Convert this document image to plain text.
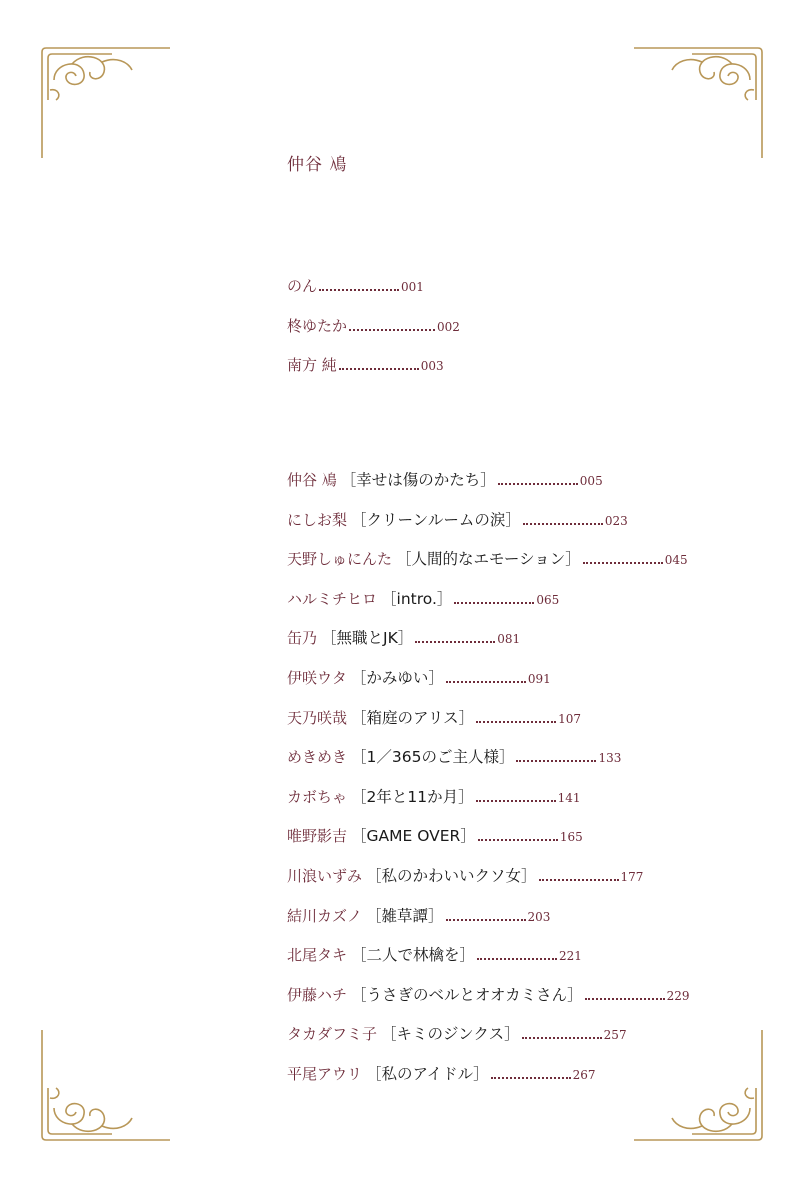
仲谷 鳰
のん	001
柊ゆたか	002
南方 純	003
仲谷 鳰 ［幸せは傷のかたち］	005
にしお梨 ［クリーンルームの涙］	023
天野しゅにんた ［人間的なエモーション］	045
ハルミチヒロ ［intro.］	065
缶乃 ［無職とJK］	081
伊咲ウタ ［かみゆい］	091
天乃咲哉 ［箱庭のアリス］	107
めきめき ［1／365のご主人様］	133
カボちゃ ［2年と11か月］	141
唯野影吉 ［GAME OVER］	165
川浪いずみ ［私のかわいいクソ女］	177
結川カズノ ［雑草譚］	203
北尾タキ ［二人で林檎を］	221
伊藤ハチ ［うさぎのベルとオオカミさん］	229
タカダフミ子 ［キミのジンクス］	257
平尾アウリ ［私のアイドル］	267
